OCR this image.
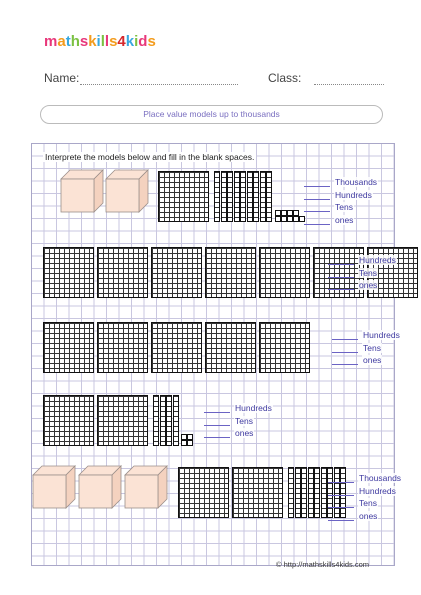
mathskills4kids
Name:	Class:
Place value models up to thousands
Interprete the models below and fill in the blank spaces.
Thousands
Hundreds
Tens
ones
Hundreds
Tens
ones
Hundreds
Tens
ones
Hundreds
Tens
ones
Thousands
Hundreds
Tens
ones
© http://mathskills4kids.com
